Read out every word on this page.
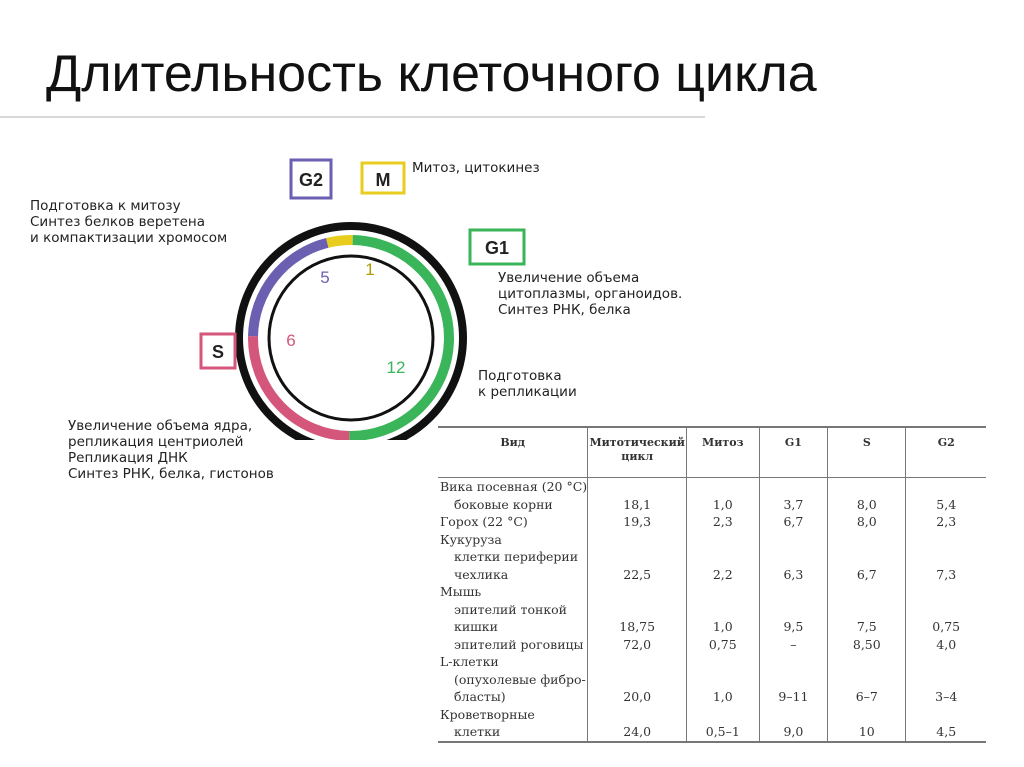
Длительность клеточного цикла
5 1
12
6
G2	M
G1
S
Митоз, цитокинез
Подготовка к митозу
Синтез белков веретена
и компактизации хромосом
Увеличение объема
цитоплазмы, органоидов.
Синтез РНК, белка
Подготовка
к репликации
Увеличение объема ядра,
репликация центриолей
Репликация ДНК
Синтез РНК, белка, гистонов
Вид	Митотический цикл	Митоз	G1	S	G2

Вика посевная (20 °С)
боковые корни	18,1	1,0	3,7	8,0	5,4

Горох (22 °С)	19,3	2,3	6,7	8,0	2,3

Кукуруза
клетки периферии
чехлика	22,5	2,2	6,3	6,7	7,3

Мышь
эпителий тонкой
кишки	18,75	1,0	9,5	7,5	0,75

эпителий роговицы	72,0	0,75	–	8,50	4,0

L-клетки
(опухолевые фибро-
бласты)	20,0	1,0	9–11	6–7	3–4

Кроветворные
клетки	24,0	0,5–1	9,0	10	4,5
